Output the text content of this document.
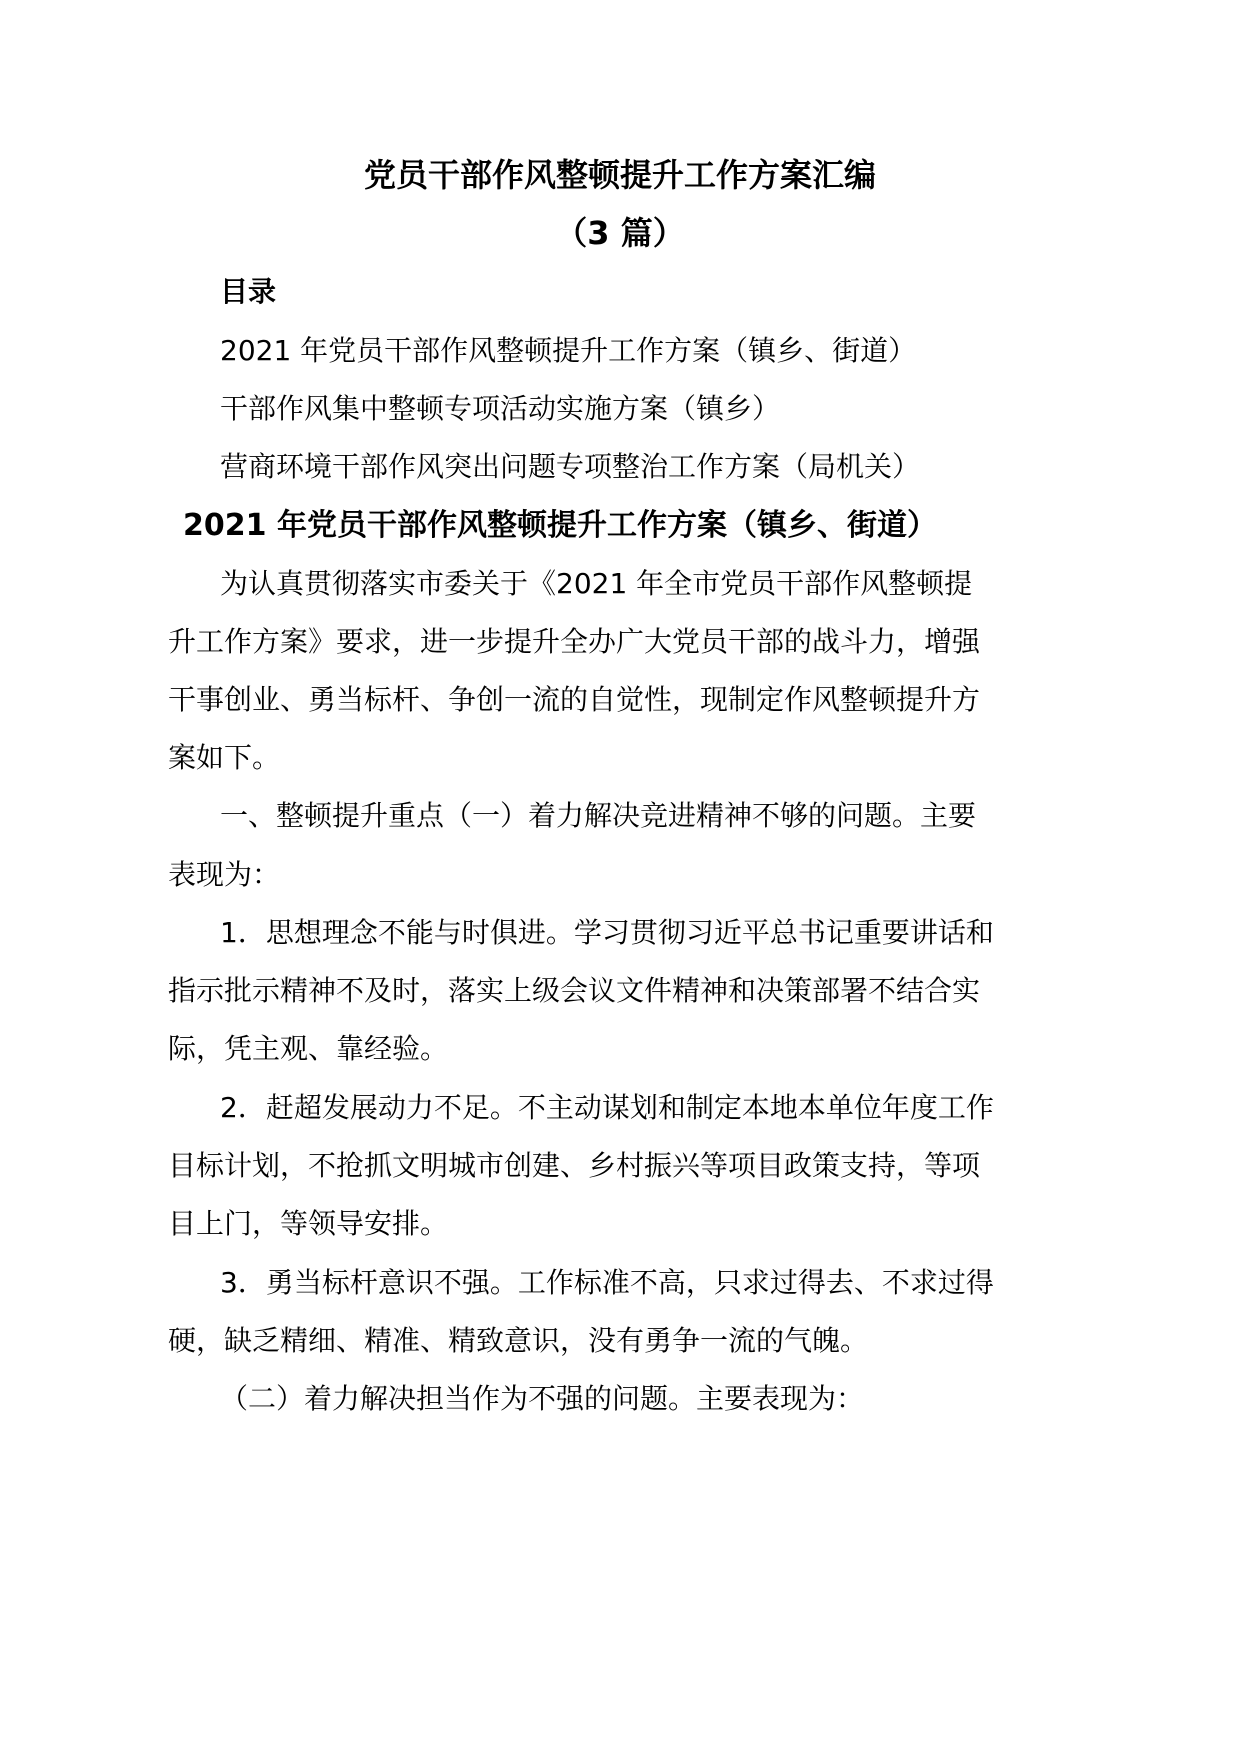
党员干部作风整顿提升工作方案汇编
（3 篇）
目录
2021 年党员干部作风整顿提升工作方案（镇乡、街道）
干部作风集中整顿专项活动实施方案（镇乡）
营商环境干部作风突出问题专项整治工作方案（局机关）
2021 年党员干部作风整顿提升工作方案（镇乡、街道）
为认真贯彻落实市委关于《2021 年全市党员干部作风整顿提
升工作方案》要求，进一步提升全办广大党员干部的战斗力，增强
干事创业、勇当标杆、争创一流的自觉性，现制定作风整顿提升方
案如下。
一、整顿提升重点（一）着力解决竞进精神不够的问题。主要
表现为：
1．思想理念不能与时俱进。学习贯彻习近平总书记重要讲话和
指示批示精神不及时，落实上级会议文件精神和决策部署不结合实
际，凭主观、靠经验。
2．赶超发展动力不足。不主动谋划和制定本地本单位年度工作
目标计划，不抢抓文明城市创建、乡村振兴等项目政策支持，等项
目上门，等领导安排。
3．勇当标杆意识不强。工作标准不高，只求过得去、不求过得
硬，缺乏精细、精准、精致意识，没有勇争一流的气魄。
（二）着力解决担当作为不强的问题。主要表现为：
